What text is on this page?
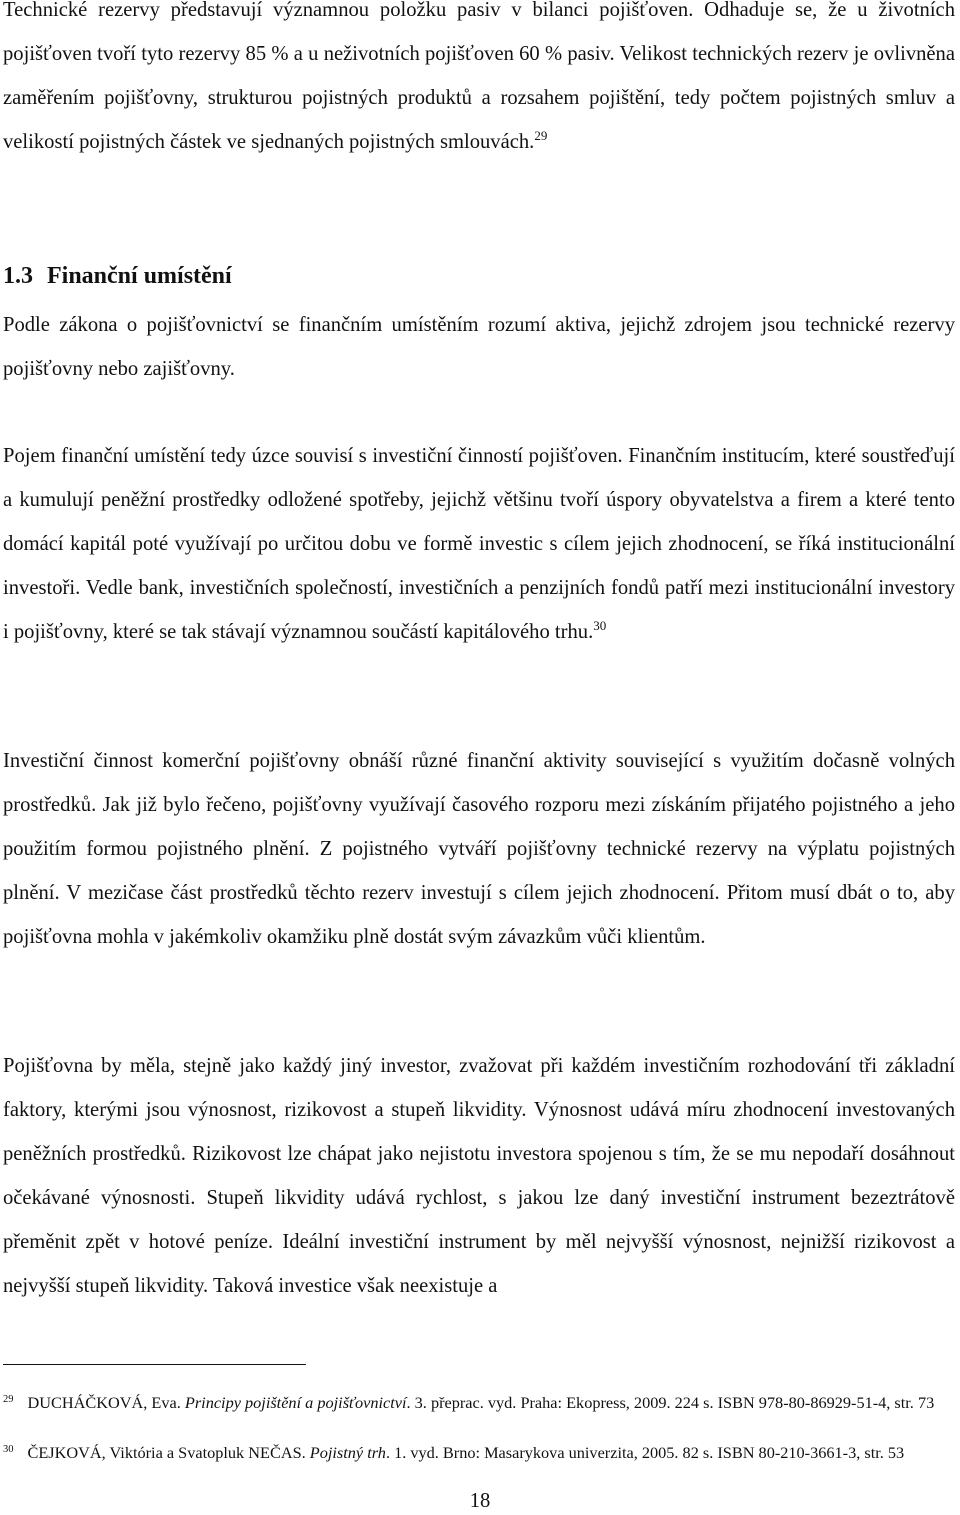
Technické rezervy představují významnou položku pasiv v bilanci pojišťoven. Odhaduje se, že u životních pojišťoven tvoří tyto rezervy 85 % a u neživotních pojišťoven 60 % pasiv. Velikost technických rezerv je ovlivněna zaměřením pojišťovny, strukturou pojistných produktů a rozsahem pojištění, tedy počtem pojistných smluv a velikostí pojistných částek ve sjednaných pojistných smlouvách.$^{29}$
1.3 Finanční umístění
Podle zákona o pojišťovnictví se finančním umístěním rozumí aktiva, jejichž zdrojem jsou technické rezervy pojišťovny nebo zajišťovny.
Pojem finanční umístění tedy úzce souvisí s investiční činností pojišťoven. Finančním institucím, které soustřeďují a kumulují peněžní prostředky odložené spotřeby, jejichž většinu tvoří úspory obyvatelstva a firem a které tento domácí kapitál poté využívají po určitou dobu ve formě investic s cílem jejich zhodnocení, se říká institucionální investoři. Vedle bank, investičních společností, investičních a penzijních fondů patří mezi institucionální investory i pojišťovny, které se tak stávají významnou součástí kapitálového trhu.$^{30}$
Investiční činnost komerční pojišťovny obnáší různé finanční aktivity související s využitím dočasně volných prostředků. Jak již bylo řečeno, pojišťovny využívají časového rozporu mezi získáním přijatého pojistného a jeho použitím formou pojistného plnění. Z pojistného vytváří pojišťovny technické rezervy na výplatu pojistných plnění. V mezičase část prostředků těchto rezerv investují s cílem jejich zhodnocení. Přitom musí dbát o to, aby pojišťovna mohla v jakémkoliv okamžiku plně dostát svým závazkům vůči klientům.
Pojišťovna by měla, stejně jako každý jiný investor, zvažovat při každém investičním rozhodování tři základní faktory, kterými jsou výnosnost, rizikovost a stupeň likvidity. Výnosnost udává míru zhodnocení investovaných peněžních prostředků. Rizikovost lze chápat jako nejistotu investora spojenou s tím, že se mu nepodaří dosáhnout očekávané výnosnosti. Stupeň likvidity udává rychlost, s jakou lze daný investiční instrument bezeztrátově přeměnit zpět v hotové peníze. Ideální investiční instrument by měl nejvyšší výnosnost, nejnižší rizikovost a nejvyšší stupeň likvidity. Taková investice však neexistuje a
$^{29}$ DUCHÁČKOVÁ, Eva. Principy pojištění a pojišťovnictví. 3. přeprac. vyd. Praha: Ekopress, 2009. 224 s. ISBN 978-80-86929-51-4, str. 73
$^{30}$ ČEJKOVÁ, Viktória a Svatopluk NEČAS. Pojistný trh. 1. vyd. Brno: Masarykova univerzita, 2005. 82 s. ISBN 80-210-3661-3, str. 53
18
